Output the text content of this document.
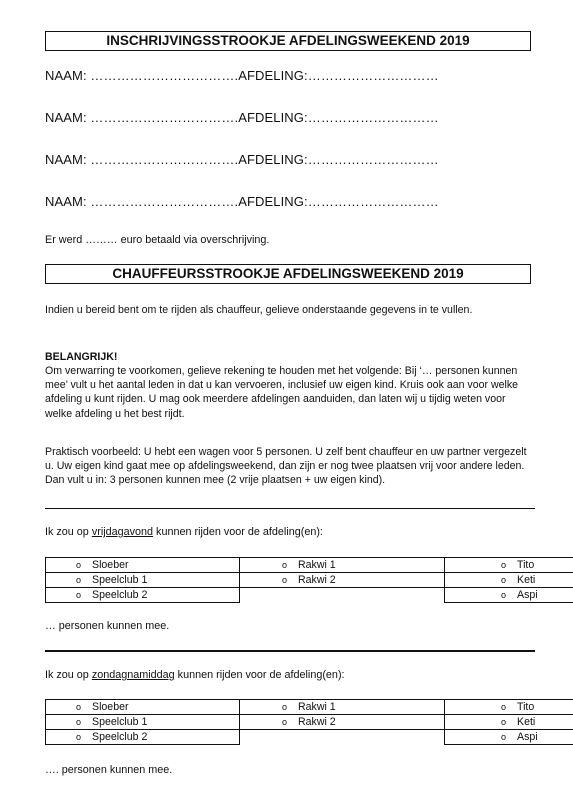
INSCHRIJVINGSSTROOKJE AFDELINGSWEEKEND 2019
NAAM: …………………………….AFDELING:…………………………
NAAM: …………………………….AFDELING:…………………………
NAAM: …………………………….AFDELING:…………………………
NAAM: …………………………….AFDELING:…………………………
Er werd ……… euro betaald via overschrijving.
CHAUFFEURSSTROOKJE AFDELINGSWEEKEND 2019
Indien u bereid bent om te rijden als chauffeur, gelieve onderstaande gegevens in te vullen.
BELANGRIJK!
Om verwarring te voorkomen, gelieve rekening te houden met het volgende: Bij ‘… personen kunnen mee’ vult u het aantal leden in dat u kan vervoeren, inclusief uw eigen kind. Kruis ook aan voor welke afdeling u kunt rijden. U mag ook meerdere afdelingen aanduiden, dan laten wij u tijdig weten voor welke afdeling u het best rijdt.
Praktisch voorbeeld: U hebt een wagen voor 5 personen. U zelf bent chauffeur en uw partner vergezelt u. Uw eigen kind gaat mee op afdelingsweekend, dan zijn er nog twee plaatsen vrij voor andere leden. Dan vult u in: 3 personen kunnen mee (2 vrije plaatsen + uw eigen kind).
Ik zou op vrijdagavond kunnen rijden voor de afdeling(en):
o Sloeber	o Rakwi 1	o Tito
o Speelclub 1	o Rakwi 2	o Keti
o Speelclub 2		o Aspi
… personen kunnen mee.
Ik zou op zondagnamiddag kunnen rijden voor de afdeling(en):
o Sloeber	o Rakwi 1	o Tito
o Speelclub 1	o Rakwi 2	o Keti
o Speelclub 2		o Aspi
…. personen kunnen mee.
